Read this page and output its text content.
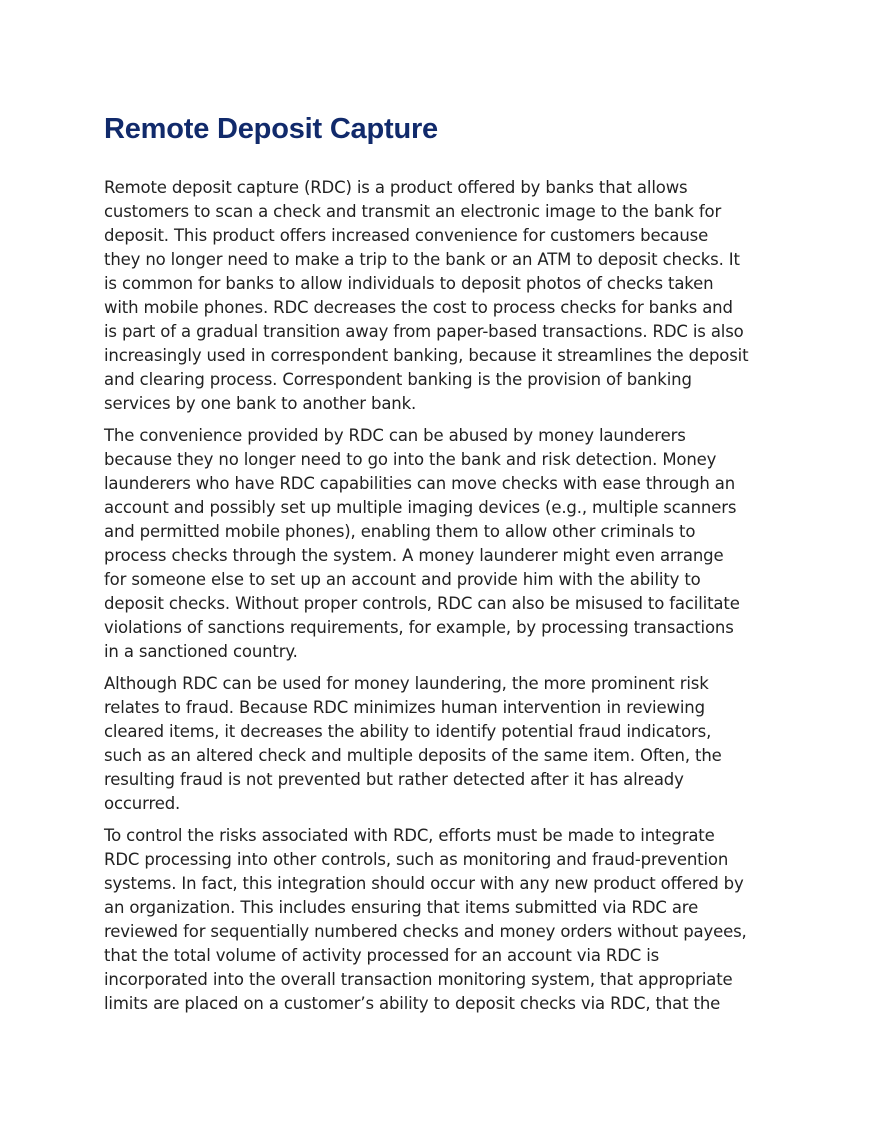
Remote Deposit Capture

Remote deposit capture (RDC) is a product offered by banks that allows customers to scan a check and transmit an electronic image to the bank for deposit. This product offers increased convenience for customers because they no longer need to make a trip to the bank or an ATM to deposit checks. It is common for banks to allow individuals to deposit photos of checks taken with mobile phones. RDC decreases the cost to process checks for banks and is part of a gradual transition away from paper-based transactions. RDC is also increasingly used in correspondent banking, because it streamlines the deposit and clearing process. Correspondent banking is the provision of banking services by one bank to another bank.

The convenience provided by RDC can be abused by money launderers because they no longer need to go into the bank and risk detection. Money launderers who have RDC capabilities can move checks with ease through an account and possibly set up multiple imaging devices (e.g., multiple scanners and permitted mobile phones), enabling them to allow other criminals to process checks through the system. A money launderer might even arrange for someone else to set up an account and provide him with the ability to deposit checks. Without proper controls, RDC can also be misused to facilitate violations of sanctions requirements, for example, by processing transactions in a sanctioned country.

Although RDC can be used for money laundering, the more prominent risk relates to fraud. Because RDC minimizes human intervention in reviewing cleared items, it decreases the ability to identify potential fraud indicators, such as an altered check and multiple deposits of the same item. Often, the resulting fraud is not prevented but rather detected after it has already occurred.

To control the risks associated with RDC, efforts must be made to integrate RDC processing into other controls, such as monitoring and fraud-prevention systems. In fact, this integration should occur with any new product offered by an organization. This includes ensuring that items submitted via RDC are reviewed for sequentially numbered checks and money orders without payees, that the total volume of activity processed for an account via RDC is incorporated into the overall transaction monitoring system, that appropriate limits are placed on a customer’s ability to deposit checks via RDC, that the
